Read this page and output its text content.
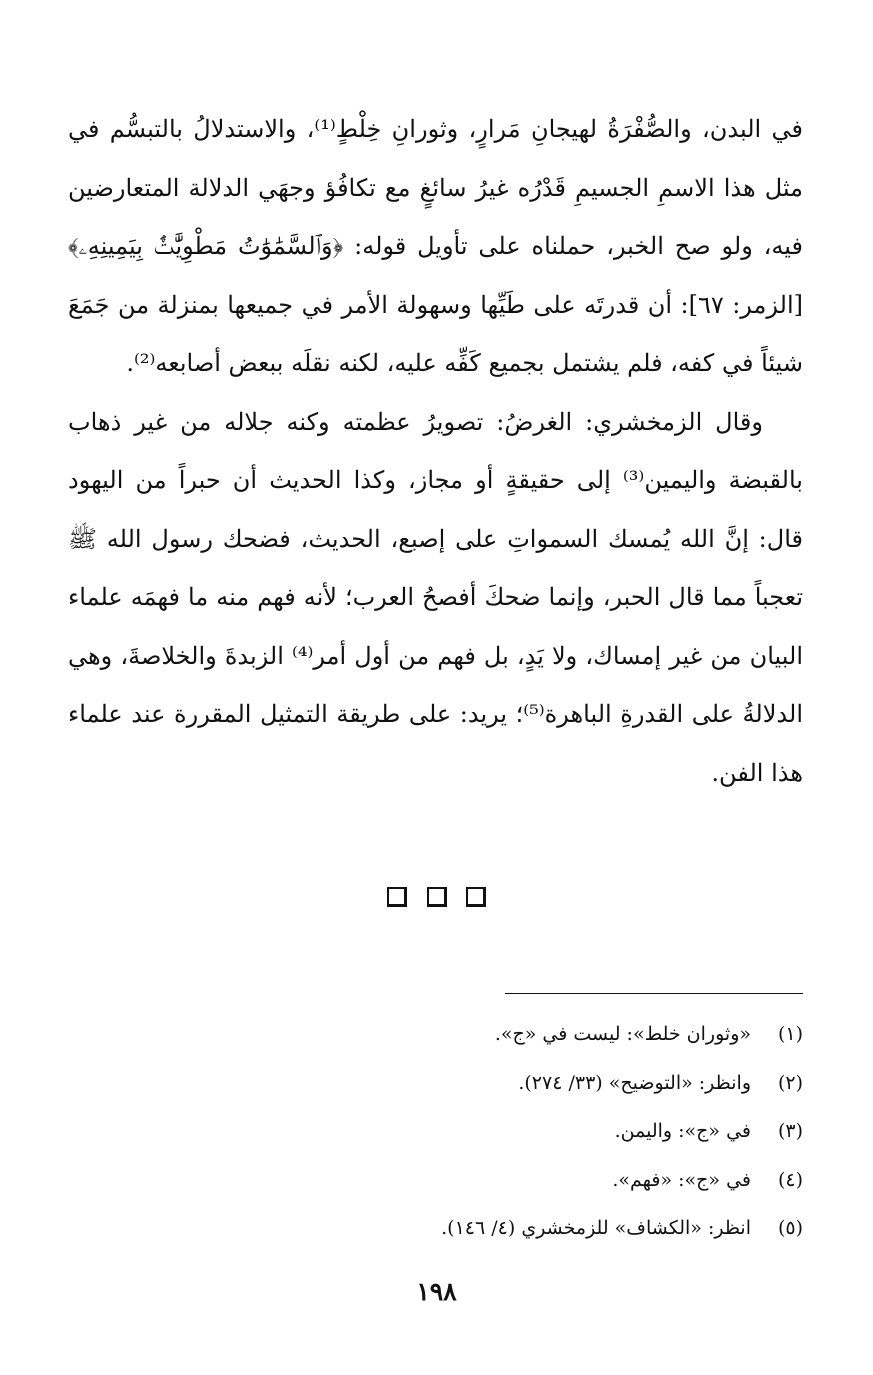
في البدن، والصُّفْرَةُ لهيجانِ مَرارٍ، وثورانِ خِلْطٍ⁽¹⁾، والاستدلالُ بالتبسُّم في مثل هذا الاسمِ الجسيمِ قَدْرُه غيرُ سائغٍ مع تكافُؤ وجهَي الدلالة المتعارضين فيه، ولو صح الخبر، حملناه على تأويل قوله: ﴿وَٱلسَّمَٰوَٰتُ مَطْوِيَّٰتٌۢ بِيَمِينِهِۦ﴾[الزمر: ٦٧]: أن قدرتَه على طَيِّها وسهولة الأمر في جميعها بمنزلة من جَمَعَ شيئاً في كفه، فلم يشتمل بجميع كَفِّه عليه، لكنه نقلَه ببعض أصابعه⁽²⁾.

وقال الزمخشري: الغرضُ: تصويرُ عظمته وكنه جلاله من غير ذهاب بالقبضة واليمين⁽³⁾ إلى حقيقةٍ أو مجاز، وكذا الحديث أن حبراً من اليهود قال: إنَّ الله يُمسك السمواتِ على إصبع، الحديث، فضحك رسول الله ﷺ تعجباً مما قال الحبر، وإنما ضحكَ أفصحُ العرب؛ لأنه فهم منه ما فهمَه علماء البيان من غير إمساك، ولا يَدٍ، بل فهم من أول أمر⁽⁴⁾ الزبدةَ والخلاصةَ، وهي الدلالةُ على القدرةِ الباهرة⁽⁵⁾؛ يريد: على طريقة التمثيل المقررة عند علماء هذا الفن.

(١)«وثوران خلط»: ليست في «ج».
(٢)وانظر: «التوضيح» (٣٣/ ٢٧٤).
(٣)في «ج»: واليمن.
(٤)في «ج»: «فهم».
(٥)انظر: «الكشاف» للزمخشري (٤/ ١٤٦).
١٩٨
